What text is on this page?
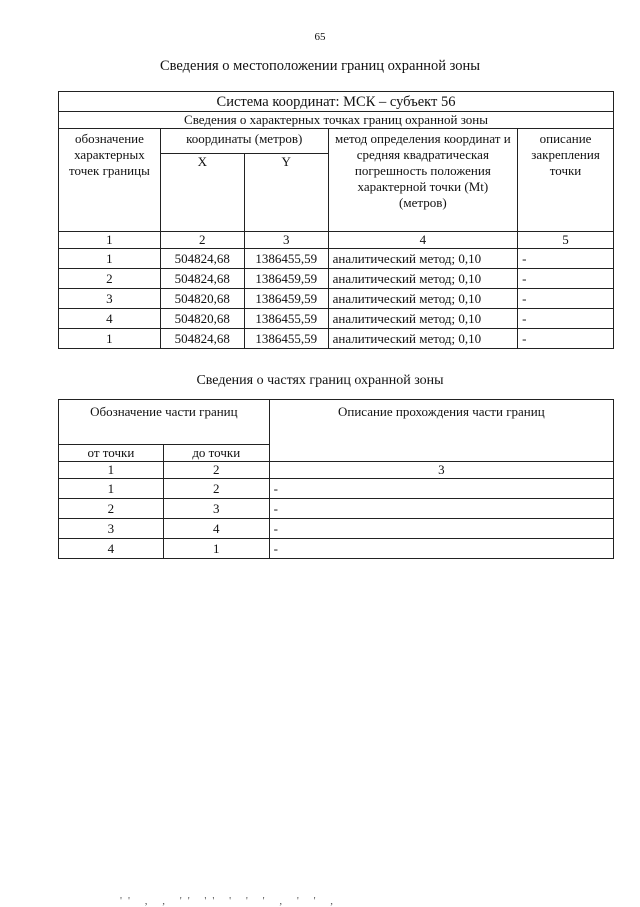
65
Сведения о местоположении границ охранной зоны
Система координат: МСК – субъект 56				
Сведения о характерных точках границ охранной зоны				
обозначение характерных точек границы	координаты (метров)		метод определения координат и средняя квадратическая погрешность положения характерной точки (Mt) (метров)	описание закрепления точки
	X	Y		
1	2	3	4	5
1	504824,68	1386455,59	аналитический метод; 0,10	-
2	504824,68	1386459,59	аналитический метод; 0,10	-
3	504820,68	1386459,59	аналитический метод; 0,10	-
4	504820,68	1386455,59	аналитический метод; 0,10	-
1	504824,68	1386455,59	аналитический метод; 0,10	-
Сведения о частях границ охранной зоны
Обозначение части границ		Описание прохождения части границ
от точки	до точки	
1	2	3
1	2	-
2	3	-
3	4	-
4	1	-
'' , , '' '' ' ' ' , ' ' ,
